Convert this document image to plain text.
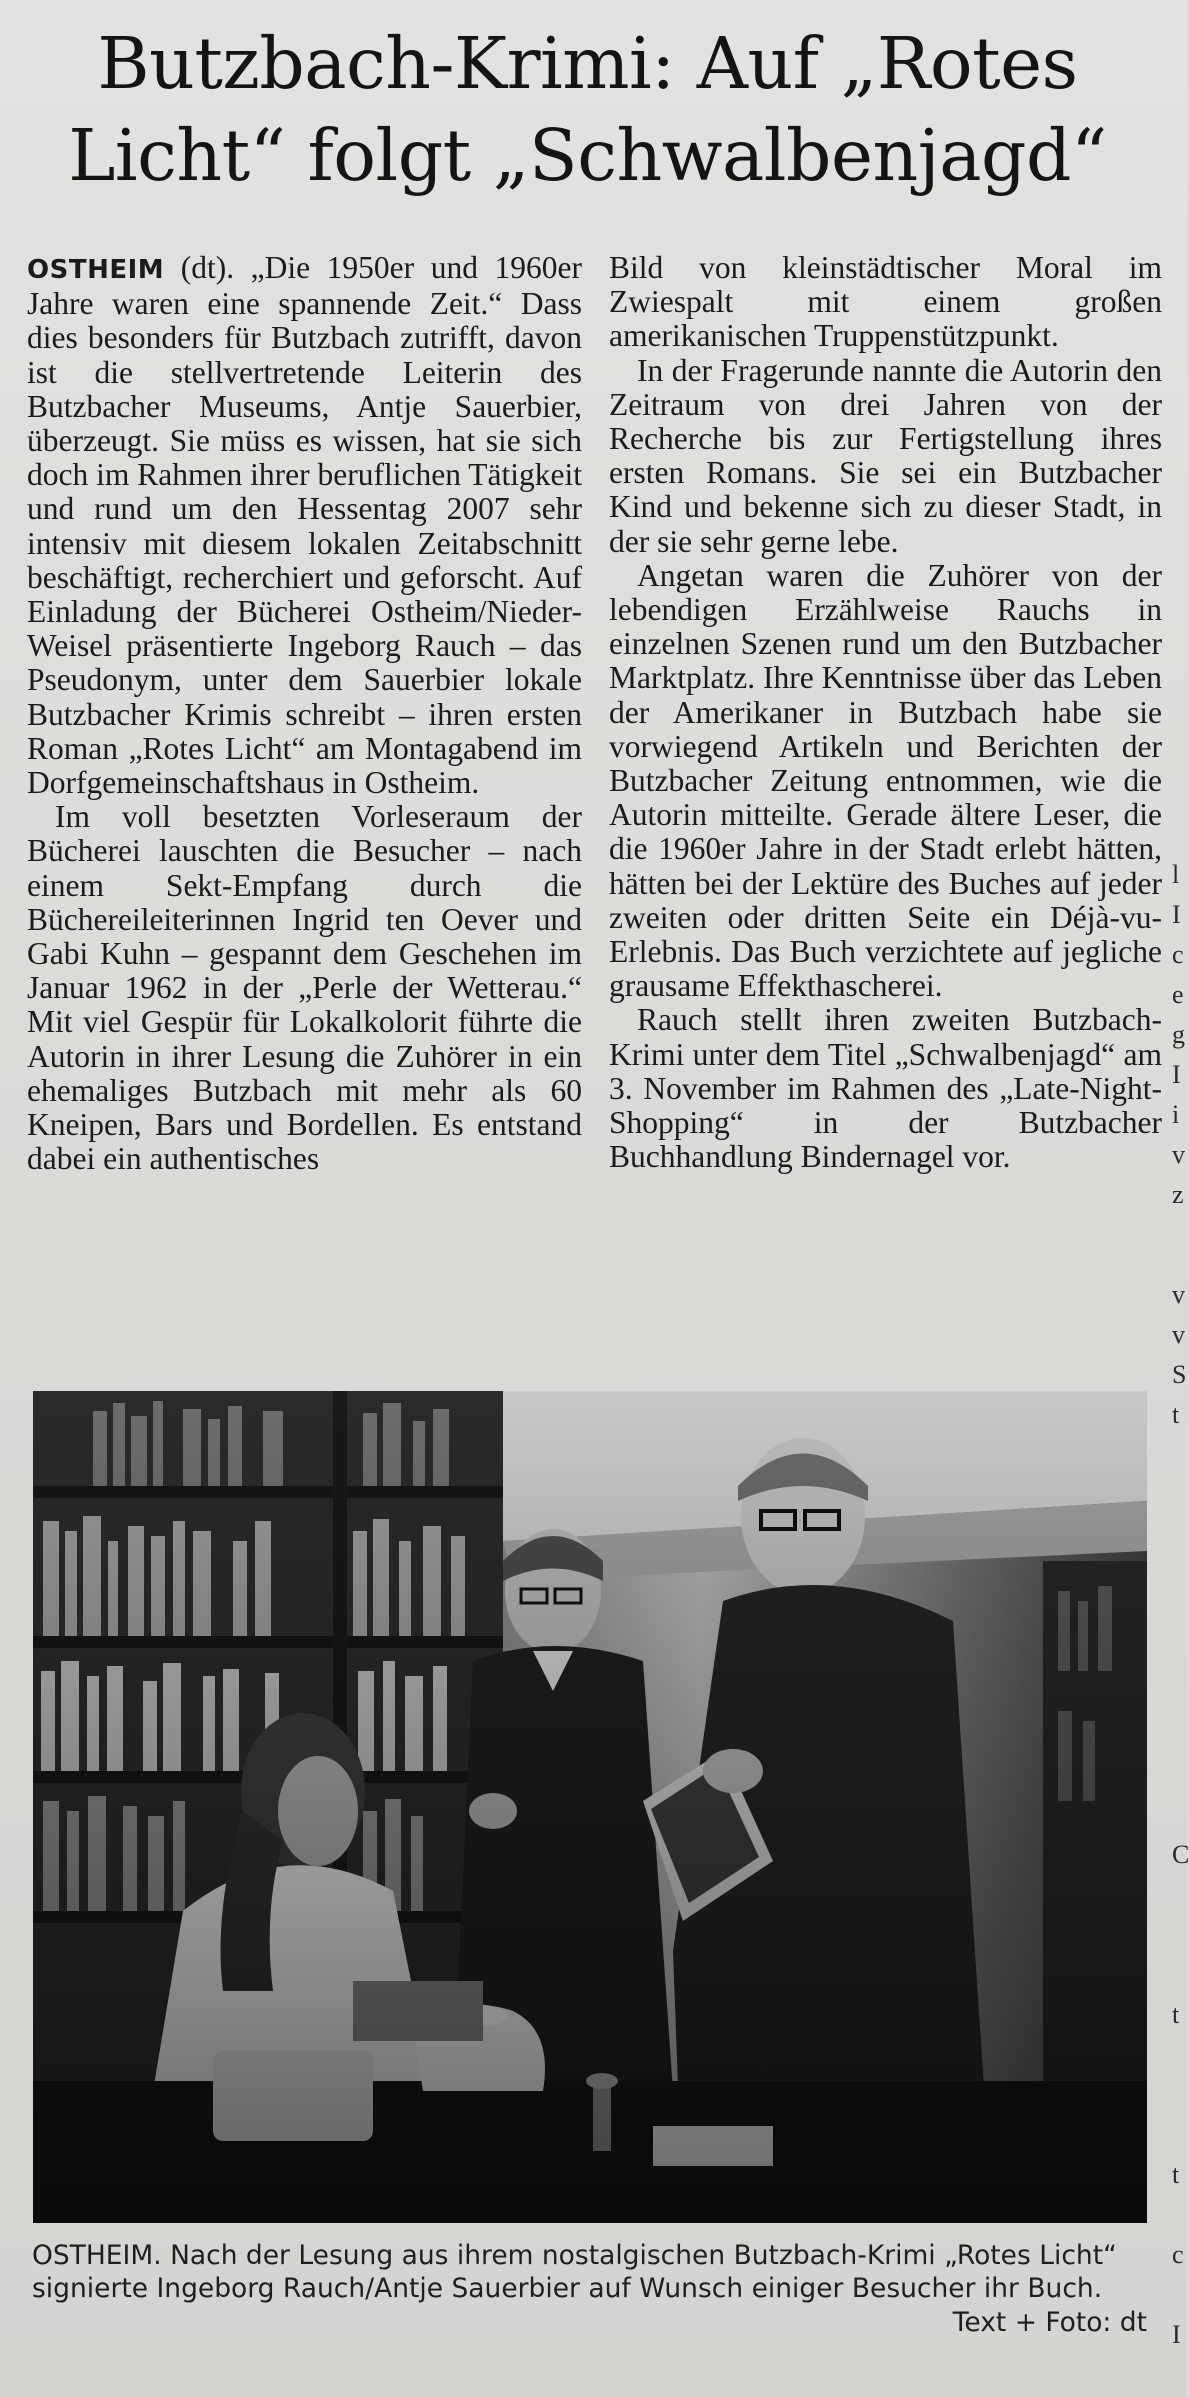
Butzbach-Krimi: Auf „Rotes
Licht“ folgt „Schwalbenjagd“

OSTHEIM (dt). „Die 1950er und 1960er Jahre waren eine spannende Zeit.“ Dass dies besonders für Butzbach zutrifft, davon ist die stellvertretende Leiterin des Butzbacher Museums, Antje Sauerbier, überzeugt. Sie müss es wissen, hat sie sich doch im Rahmen ihrer beruflichen Tätigkeit und rund um den Hessentag 2007 sehr intensiv mit diesem lokalen Zeitabschnitt beschäftigt, recherchiert und geforscht. Auf Einladung der Bücherei Ostheim/Nieder-Weisel präsentierte Ingeborg Rauch – das Pseudonym, unter dem Sauerbier lokale Butzbacher Krimis schreibt – ihren ersten Roman „Rotes Licht“ am Montagabend im Dorfgemeinschaftshaus in Ostheim.

Im voll besetzten Vorleseraum der Bücherei lauschten die Besucher – nach einem Sekt-Empfang durch die Büchereileiterinnen Ingrid ten Oever und Gabi Kuhn – gespannt dem Geschehen im Januar 1962 in der „Perle der Wetterau.“ Mit viel Gespür für Lokalkolorit führte die Autorin in ihrer Lesung die Zuhörer in ein ehemaliges Butzbach mit mehr als 60 Kneipen, Bars und Bordellen. Es entstand dabei ein authentisches

Bild von kleinstädtischer Moral im Zwiespalt mit einem großen amerikanischen Truppenstützpunkt.

In der Fragerunde nannte die Autorin den Zeitraum von drei Jahren von der Recherche bis zur Fertigstellung ihres ersten Romans. Sie sei ein Butzbacher Kind und bekenne sich zu dieser Stadt, in der sie sehr gerne lebe.

Angetan waren die Zuhörer von der lebendigen Erzählweise Rauchs in einzelnen Szenen rund um den Butzbacher Marktplatz. Ihre Kenntnisse über das Leben der Amerikaner in Butzbach habe sie vorwiegend Artikeln und Berichten der Butzbacher Zeitung entnommen, wie die Autorin mitteilte. Gerade ältere Leser, die die 1960er Jahre in der Stadt erlebt hätten, hätten bei der Lektüre des Buches auf jeder zweiten oder dritten Seite ein Déjà-vu-Erlebnis. Das Buch verzichtete auf jegliche grausame Effekthascherei.

Rauch stellt ihren zweiten Butzbach-Krimi unter dem Titel „Schwalbenjagd“ am 3. November im Rahmen des „Late-Night-Shopping“ in der Butzbacher Buchhandlung Bindernagel vor.

OSTHEIM. Nach der Lesung aus ihrem nostalgischen Butzbach-Krimi „Rotes Licht“ signierte Ingeborg Rauch/Antje Sauerbier auf Wunsch einiger Besucher ihr Buch.

Text + Foto: dt
l
I
c
e
g
I
i
v
z
v
v
S
t
C
t
t
c
I
